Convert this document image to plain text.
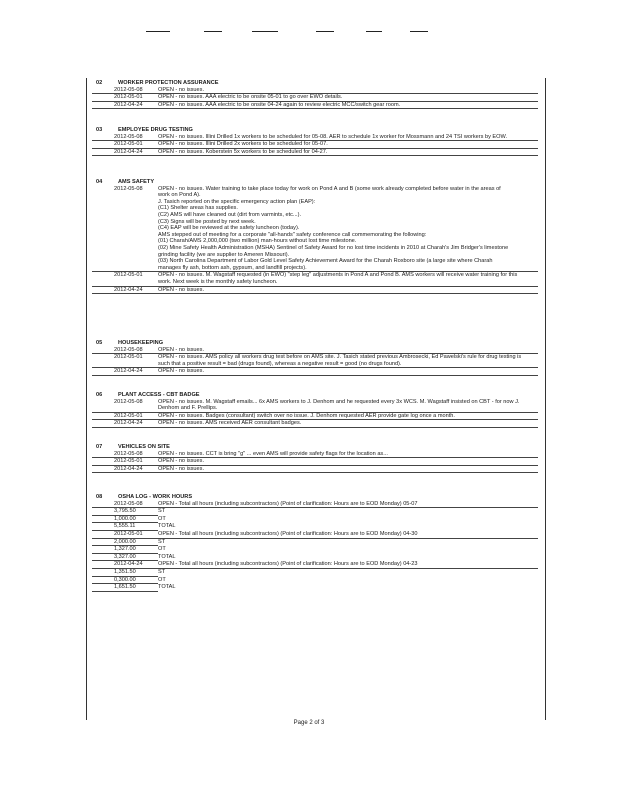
02	WORKER PROTECTION ASSURANCE
2012-05-08	OPEN - no issues.
2012-05-01	OPEN - no issues. AAA electric to be onsite 05-01 to go over EWO details.
2012-04-24	OPEN - no issues. AAA electric to be onsite 04-24 again to review electric MCC/switch gear room.
03	EMPLOYEE DRUG TESTING
2012-05-08	OPEN - no issues. Illini Drilled 1x workers to be scheduled for 05-08. AER to schedule 1x worker for Mossmann and 24 TSI workers by EOW.
2012-05-01	OPEN - no issues. Illini Drilled 2x workers to be scheduled for 05-07.
2012-04-24	OPEN - no issues. Koberstein 5x workers to be scheduled for 04-27.
04	AMS SAFETY
2012-05-08	OPEN - no issues. Water training to take place today for work on Pond A and B (some work already completed before water in the areas of
work on Pond A).
J. Tasich reported on the specific emergency action plan (EAP):
(C1) Shelter areas has supplies.
(C2) AMS will have cleaned out (dirt from varmints, etc...).
(C3) Signs will be posted by next week.
(C4) EAP will be reviewed at the safety luncheon (today).
AMS stepped out of meeting for a corporate "all-hands" safety conference call commemorating the following:
(01) Charah/AMS 2,000,000 (two million) man-hours without lost time milestone.
(02) Mine Safety Health Administration (MSHA) Sentinel of Safety Award for no lost time incidents in 2010 at Charah's Jim Bridger's limestone
grinding facility (we are supplier to Ameren Missouri).
(03) North Carolina Department of Labor Gold Level Safety Achievement Award for the Charah Roxboro site (a large site where Charah
manages fly ash, bottom ash, gypsum, and landfill projects).
2012-05-01	OPEN - no issues. M. Wagstaff requested (in EWO) "step leg" adjustments in Pond A and Pond B. AMS workers will receive water training for this work. Next week is the monthly safety luncheon.
2012-04-24	OPEN - no issues.
05	HOUSEKEEPING
2012-05-08	OPEN - no issues.
2012-05-01	OPEN - no issues. AMS policy all workers drug test before on AMS site. J. Tasich stated previous Ambrosecki, Ed Pawelski's rule for drug testing is such that a positive result = bad (drugs found), whereas a negative result = good (no drugs found).
2012-04-24	OPEN - no issues.
06	PLANT ACCESS - CBT BADGE
2012-05-08	OPEN - no issues. M. Wagstaff emails... 6x AMS workers to J. Denhom and he requested every 3x WCS. M. Wagstaff insisted on CBT - for now J. Denhom and F. Prellips.
2012-05-01	OPEN - no issues. Badges (consultant) switch over no issue. J. Denhom requested AER provide gate log once a month.
2012-04-24	OPEN - no issues. AMS received AER consultant badges.
07	VEHICLES ON SITE
2012-05-08	OPEN - no issues. CCT is bring "g" ... even AMS will provide safety flags for the location as...
2012-05-01	OPEN - no issues.
2012-04-24	OPEN - no issues.
08	OSHA LOG - WORK HOURS
2012-05-08	OPEN - Total all hours (including subcontractors) (Point of clarification: Hours are to EOD Monday) 05-07
3,795.50	ST
1,000.00	OT
5,555.11	TOTAL
2012-05-01	OPEN - Total all hours (including subcontractors) (Point of clarification: Hours are to EOD Monday) 04-30
2,000.00	ST
1,327.00	OT
3,327.00	TOTAL
2012-04-24	OPEN - Total all hours (including subcontractors) (Point of clarification: Hours are to EOD Monday) 04-23
1,351.50	ST
0,300.00	OT
1,651.50	TOTAL
Page 2 of 3
